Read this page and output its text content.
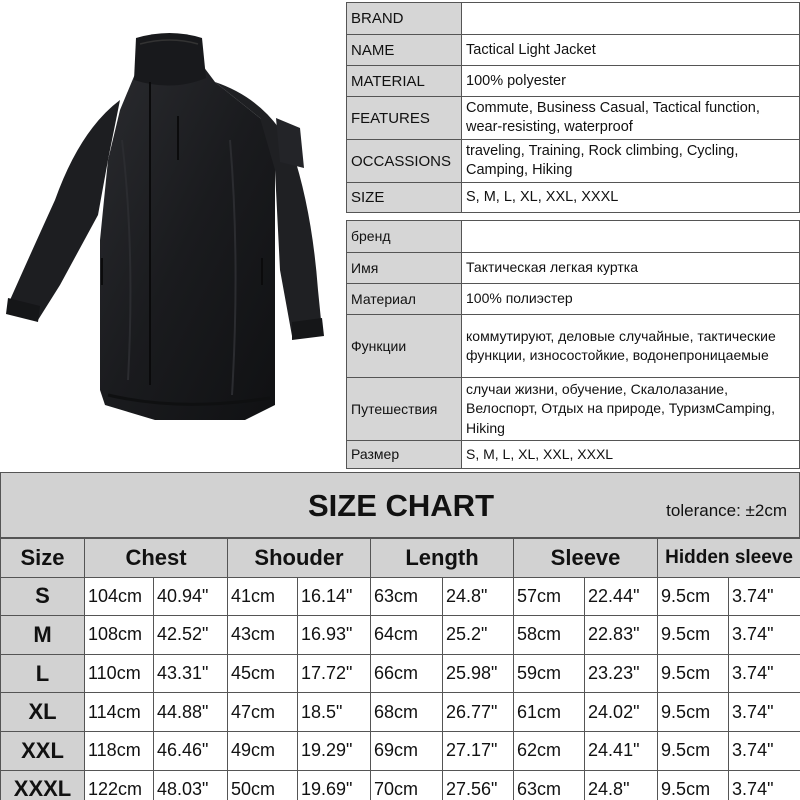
BRAND	
NAME	Tactical Light Jacket
MATERIAL	100% polyester
FEATURES	Commute, Business Casual, Tactical function, wear-resisting, waterproof
OCCASSIONS	traveling, Training, Rock climbing, Cycling, Camping, Hiking
SIZE	S, M, L, XL, XXL, XXXL
бренд	
Имя	Тактическая легкая куртка
Материал	100% полиэстер
Функции	коммутируют, деловые случайные, тактические функции, износостойкие, водонепроницаемые
Путешествия	случаи жизни, обучение, Скалолазание, Велоспорт, Отдых на природе, ТуризмCamping, Hiking
Размер	S, M, L, XL, XXL, XXXL
SIZE CHART	tolerance: ±2cm
Size	Chest		Shouder		Length		Sleeve		Hidden sleeve	
S	104cm	40.94"	41cm	16.14"	63cm	24.8"	57cm	22.44"	9.5cm	3.74"
M	108cm	42.52"	43cm	16.93"	64cm	25.2"	58cm	22.83"	9.5cm	3.74"
L	110cm	43.31"	45cm	17.72"	66cm	25.98"	59cm	23.23"	9.5cm	3.74"
XL	114cm	44.88"	47cm	18.5"	68cm	26.77"	61cm	24.02"	9.5cm	3.74"
XXL	118cm	46.46"	49cm	19.29"	69cm	27.17"	62cm	24.41"	9.5cm	3.74"
XXXL	122cm	48.03"	50cm	19.69"	70cm	27.56"	63cm	24.8"	9.5cm	3.74"
